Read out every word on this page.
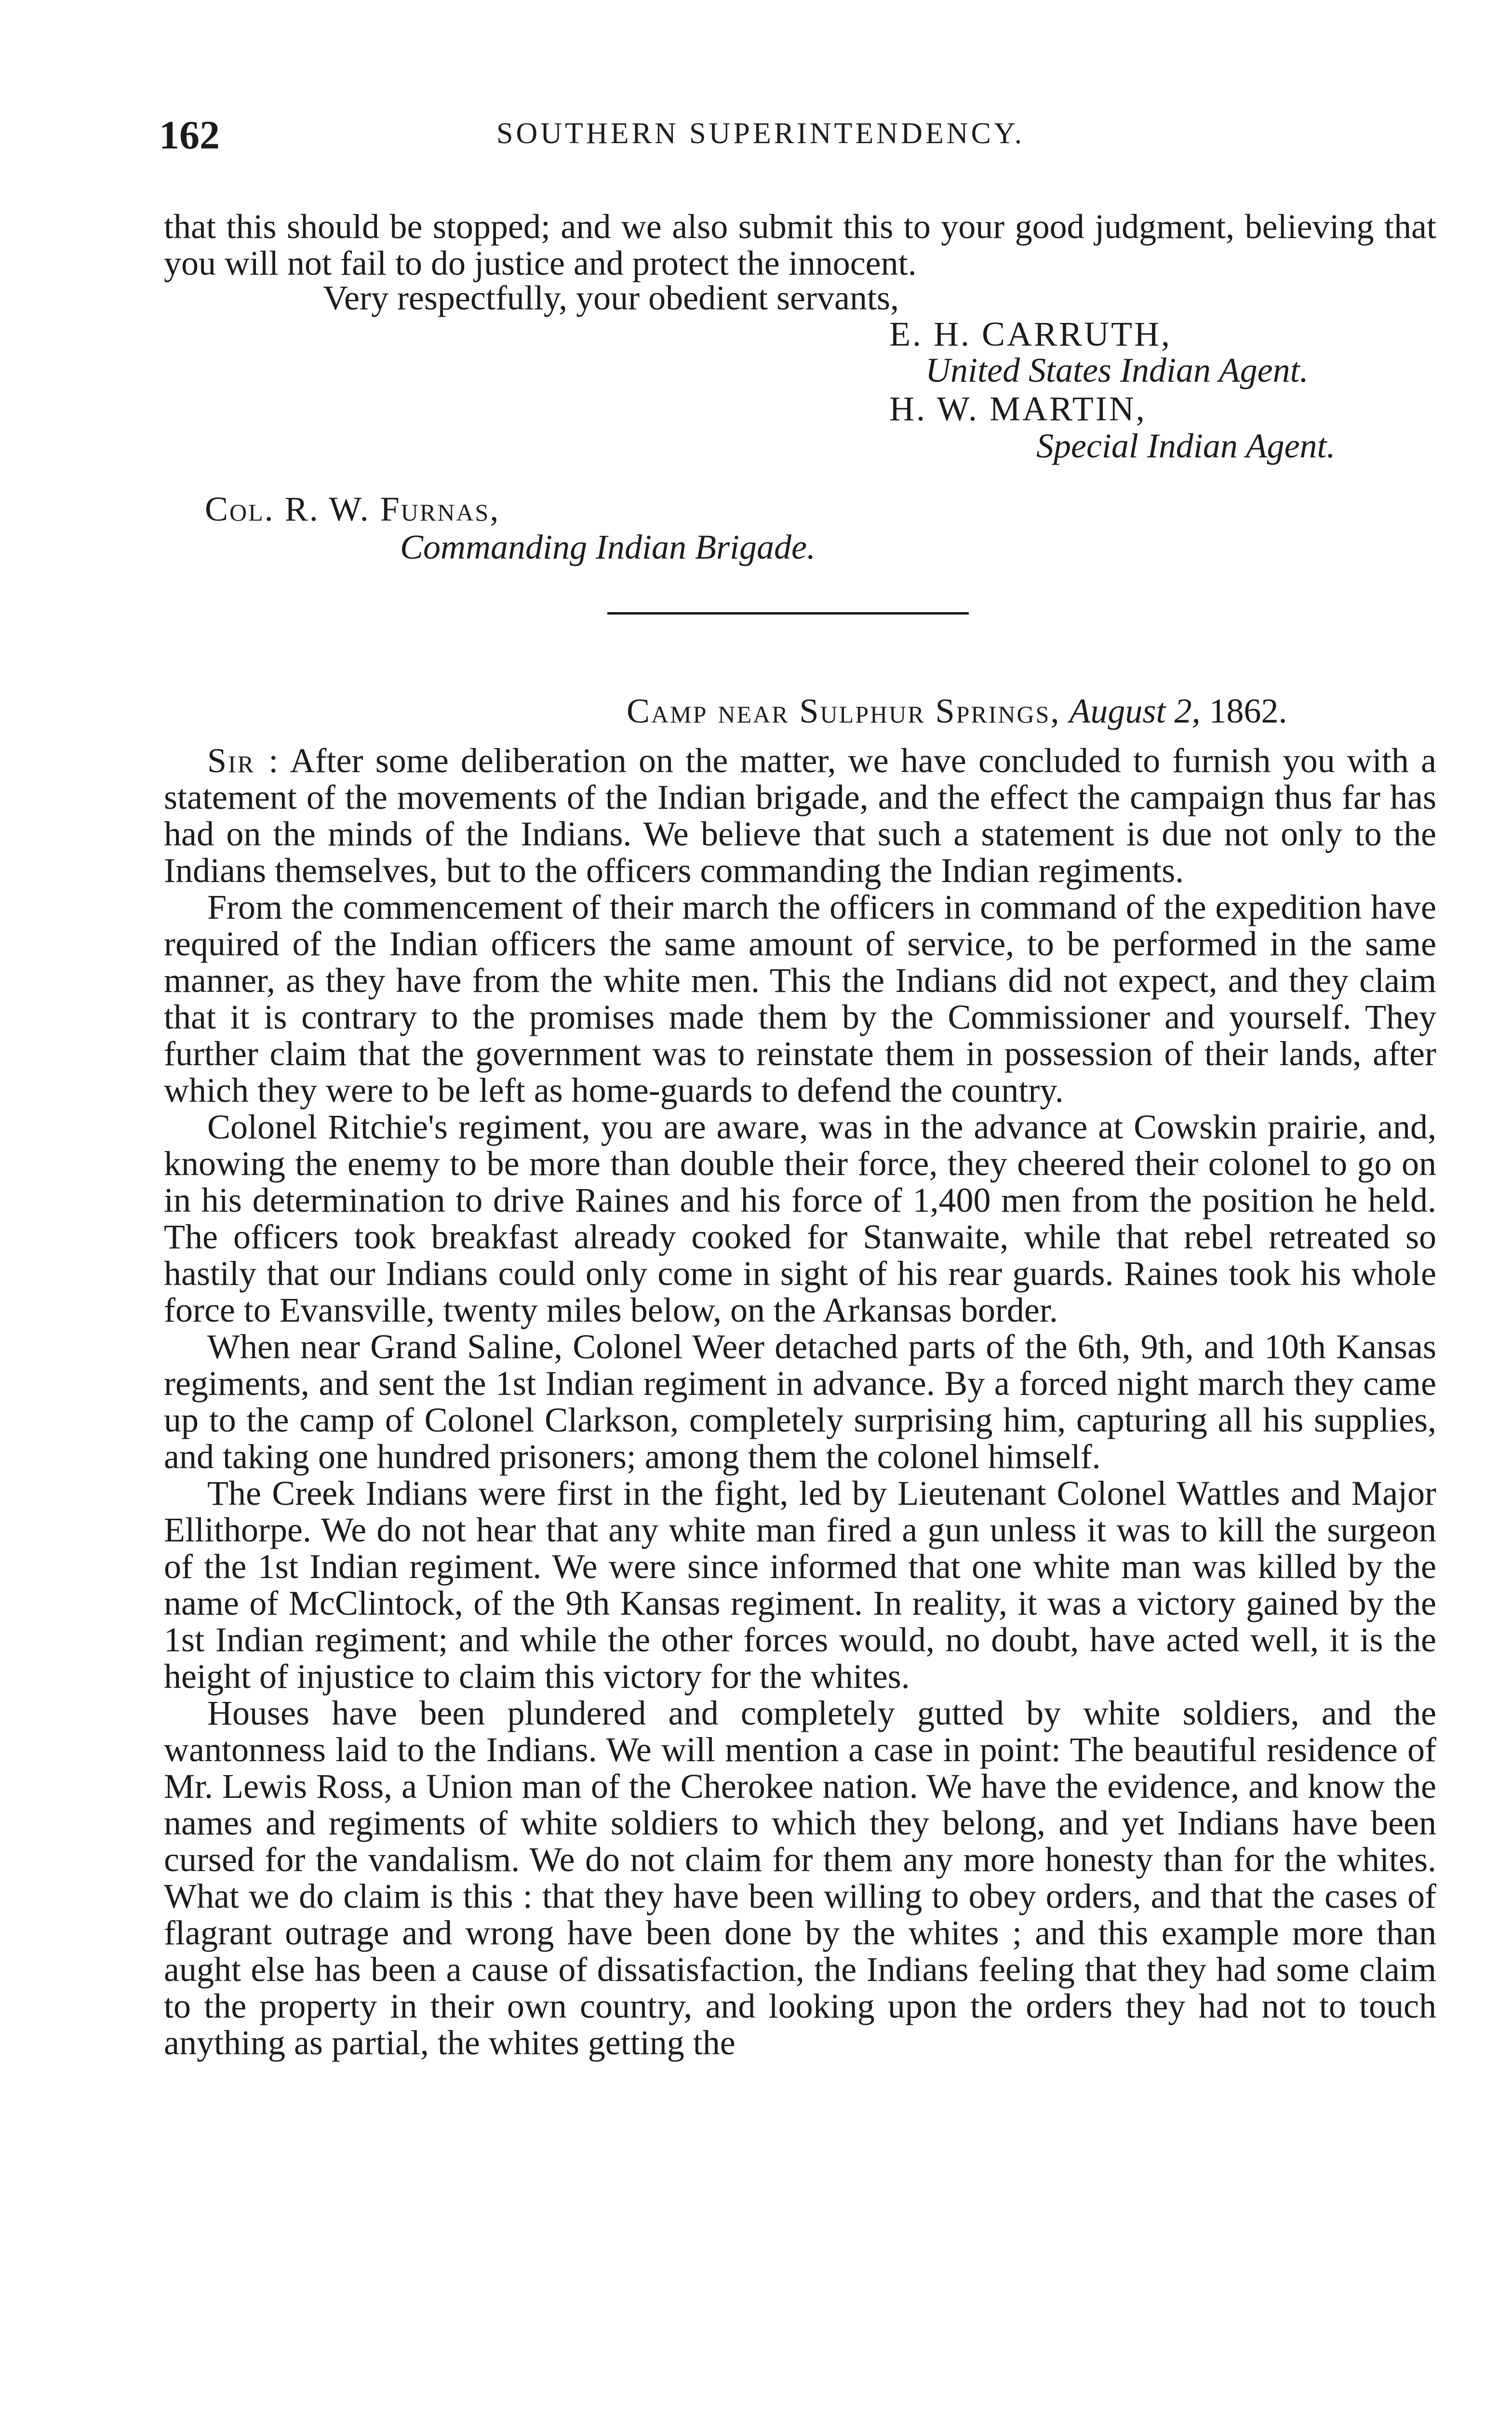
162	SOUTHERN SUPERINTENDENCY.

that this should be stopped; and we also submit this to your good judgment, believing that you will not fail to do justice and protect the innocent.

Very respectfully, your obedient servants,
E. H. CARRUTH,
United States Indian Agent.
H. W. MARTIN,
Special Indian Agent.
Col. R. W. Furnas,
Commanding Indian Brigade.
Camp near Sulphur Springs, August 2, 1862.

Sir : After some deliberation on the matter, we have concluded to furnish you with a statement of the movements of the Indian brigade, and the effect the campaign thus far has had on the minds of the Indians. We believe that such a statement is due not only to the Indians themselves, but to the officers commanding the Indian regiments.

From the commencement of their march the officers in command of the expedition have required of the Indian officers the same amount of service, to be performed in the same manner, as they have from the white men. This the Indians did not expect, and they claim that it is contrary to the promises made them by the Commissioner and yourself. They further claim that the government was to reinstate them in possession of their lands, after which they were to be left as home-guards to defend the country.

Colonel Ritchie's regiment, you are aware, was in the advance at Cowskin prairie, and, knowing the enemy to be more than double their force, they cheered their colonel to go on in his determination to drive Raines and his force of 1,400 men from the position he held. The officers took breakfast already cooked for Stanwaite, while that rebel retreated so hastily that our Indians could only come in sight of his rear guards. Raines took his whole force to Evansville, twenty miles below, on the Arkansas border.

When near Grand Saline, Colonel Weer detached parts of the 6th, 9th, and 10th Kansas regiments, and sent the 1st Indian regiment in advance. By a forced night march they came up to the camp of Colonel Clarkson, completely surprising him, capturing all his supplies, and taking one hundred prisoners; among them the colonel himself.

The Creek Indians were first in the fight, led by Lieutenant Colonel Wattles and Major Ellithorpe. We do not hear that any white man fired a gun unless it was to kill the surgeon of the 1st Indian regiment. We were since informed that one white man was killed by the name of McClintock, of the 9th Kansas regiment. In reality, it was a victory gained by the 1st Indian regiment; and while the other forces would, no doubt, have acted well, it is the height of injustice to claim this victory for the whites.

Houses have been plundered and completely gutted by white soldiers, and the wantonness laid to the Indians. We will mention a case in point: The beautiful residence of Mr. Lewis Ross, a Union man of the Cherokee nation. We have the evidence, and know the names and regiments of white soldiers to which they belong, and yet Indians have been cursed for the vandalism. We do not claim for them any more honesty than for the whites. What we do claim is this : that they have been willing to obey orders, and that the cases of flagrant outrage and wrong have been done by the whites ; and this example more than aught else has been a cause of dissatisfaction, the Indians feeling that they had some claim to the property in their own country, and looking upon the orders they had not to touch anything as partial, the whites getting the
